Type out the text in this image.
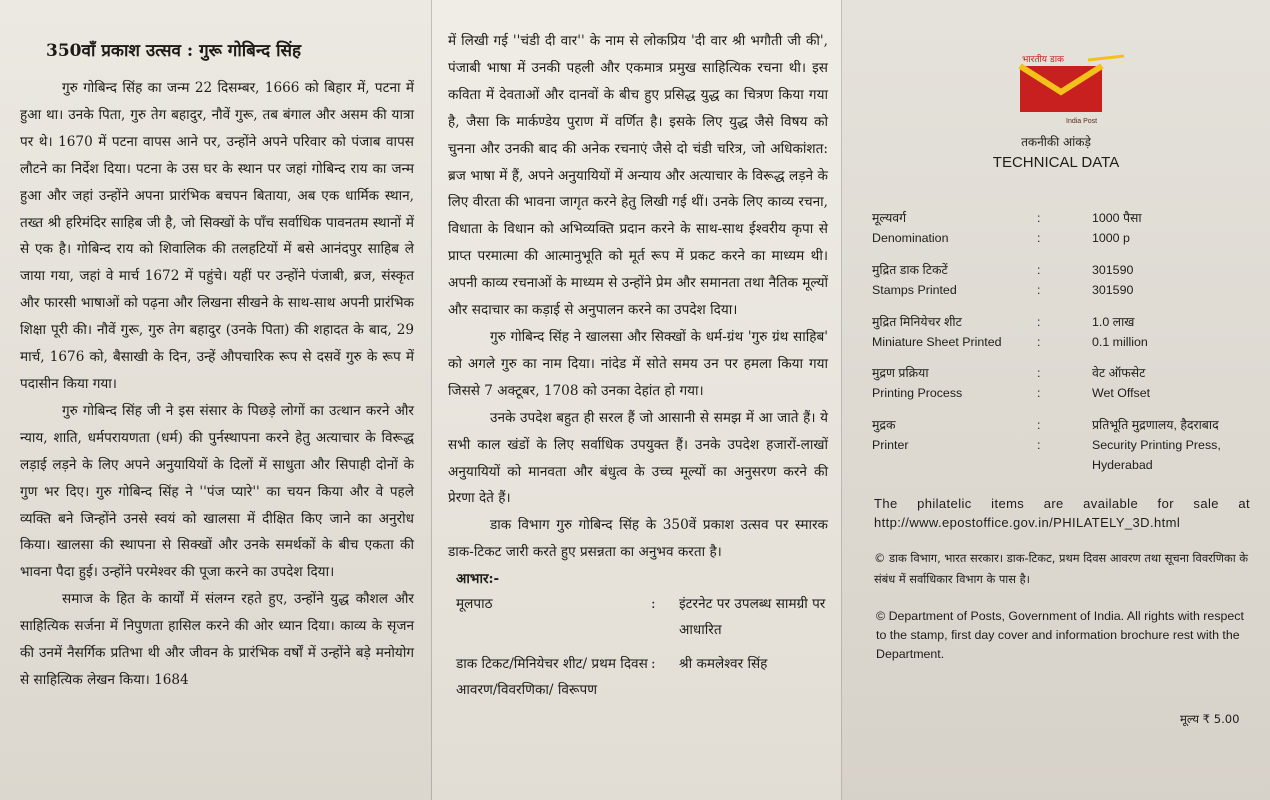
350वाँ प्रकाश उत्सव : गुरू गोबिन्द सिंह

गुरु गोबिन्द सिंह का जन्म 22 दिसम्बर, 1666 को बिहार में, पटना में हुआ था। उनके पिता, गुरु तेग बहादुर, नौवें गुरू, तब बंगाल और असम की यात्रा पर थे। 1670 में पटना वापस आने पर, उन्होंने अपने परिवार को पंजाब वापस लौटने का निर्देश दिया। पटना के उस घर के स्थान पर जहां गोबिन्द राय का जन्म हुआ और जहां उन्होंने अपना प्रारंभिक बचपन बिताया, अब एक धार्मिक स्थान, तख्त श्री हरिमंदिर साहिब जी है, जो सिक्खों के पाँच सर्वाधिक पावनतम स्थानों में से एक है। गोबिन्द राय को शिवालिक की तलहटियों में बसे आनंदपुर साहिब ले जाया गया, जहां वे मार्च 1672 में पहुंचे। यहीं पर उन्होंने पंजाबी, ब्रज, संस्कृत और फारसी भाषाओं को पढ़ना और लिखना सीखने के साथ-साथ अपनी प्रारंभिक शिक्षा पूरी की। नौवें गुरू, गुरु तेग बहादुर (उनके पिता) की शहादत के बाद, 29 मार्च, 1676 को, बैसाखी के दिन, उन्हें औपचारिक रूप से दसवें गुरु के रूप में पदासीन किया गया।

गुरु गोबिन्द सिंह जी ने इस संसार के पिछड़े लोगों का उत्थान करने और न्याय, शाति, धर्मपरायणता (धर्म) की पुर्नस्थापना करने हेतु अत्याचार के विरूद्ध लड़ाई लड़ने के लिए अपने अनुयायियों के दिलों में साधुता और सिपाही दोनों के गुण भर दिए। गुरु गोबिन्द सिंह ने ''पंज प्यारे'' का चयन किया और वे पहले व्यक्ति बने जिन्होंने उनसे स्वयं को खालसा में दीक्षित किए जाने का अनुरोध किया। खालसा की स्थापना से सिक्खों और उनके समर्थकों के बीच एकता की भावना पैदा हुई। उन्होंने परमेश्वर की पूजा करने का उपदेश दिया।

समाज के हित के कार्यों में संलग्न रहते हुए, उन्होंने युद्ध कौशल और साहित्यिक सर्जना में निपुणता हासिल करने की ओर ध्यान दिया। काव्य के सृजन की उनमें नैसर्गिक प्रतिभा थी और जीवन के प्रारंभिक वर्षों में उन्होंने बड़े मनोयोग से साहित्यिक लेखन किया। 1684

में लिखी गई ''चंडी दी वार'' के नाम से लोकप्रिय 'दी वार श्री भगौती जी की', पंजाबी भाषा में उनकी पहली और एकमात्र प्रमुख साहित्यिक रचना थी। इस कविता में देवताओं और दानवों के बीच हुए प्रसिद्ध युद्ध का चित्रण किया गया है, जैसा कि मार्कण्डेय पुराण में वर्णित है। इसके लिए युद्ध जैसे विषय को चुनना और उनकी बाद की अनेक रचनाएं जैसे दो चंडी चरित्र, जो अधिकांशत: ब्रज भाषा में हैं, अपने अनुयायियों में अन्याय और अत्याचार के विरूद्ध लड़ने के लिए वीरता की भावना जागृत करने हेतु लिखी गई थीं। उनके लिए काव्य रचना, विधाता के विधान को अभिव्यक्ति प्रदान करने के साथ-साथ ईश्वरीय कृपा से प्राप्त परमात्मा की आत्मानुभूति को मूर्त रूप में प्रकट करने का माध्यम थी। अपनी काव्य रचनाओं के माध्यम से उन्होंने प्रेम और समानता तथा नैतिक मूल्यों और सदाचार का कड़ाई से अनुपालन करने का उपदेश दिया।

गुरु गोबिन्द सिंह ने खालसा और सिक्खों के धर्म-ग्रंथ 'गुरु ग्रंथ साहिब' को अगले गुरु का नाम दिया। नांदेड में सोते समय उन पर हमला किया गया जिससे 7 अक्टूबर, 1708 को उनका देहांत हो गया।

उनके उपदेश बहुत ही सरल हैं जो आसानी से समझ में आ जाते हैं। ये सभी काल खंडों के लिए सर्वाधिक उपयुक्त हैं। उनके उपदेश हजारों-लाखों अनुयायियों को मानवता और बंधुत्व के उच्च मूल्यों का अनुसरण करने की प्रेरणा देते हैं।

डाक विभाग गुरु गोबिन्द सिंह के 350वें प्रकाश उत्सव पर स्मारक डाक-टिकट जारी करते हुए प्रसन्नता का अनुभव करता है।

आभार:-
मूलपाठ	:	इंटरनेट पर उपलब्ध सामग्री पर आधारित
डाक टिकट/मिनियेचर शीट/ प्रथम दिवस आवरण/विवरणिका/ विरूपण
:	श्री कमलेश्वर सिंह
भारतीय डाक
India Post
तकनीकी आंकड़े
TECHNICAL DATA
मूल्यवर्ग	:	1000 पैसा
Denomination	:	1000 p
मुद्रित डाक टिकटें	:	301590
Stamps Printed	:	301590
मुद्रित मिनियेचर शीट	:	1.0 लाख
Miniature Sheet Printed	:	0.1 million
मुद्रण प्रक्रिया	:	वेट ऑफसेट
Printing Process	:	Wet Offset
मुद्रक	:	प्रतिभूति मुद्रणालय, हैदराबाद
Printer	:	Security Printing Press, Hyderabad
The philatelic items are available for sale at http://www.epostoffice.gov.in/PHILATELY_3D.html
© डाक विभाग, भारत सरकार। डाक-टिकट, प्रथम दिवस आवरण तथा सूचना विवरणिका के संबंध में सर्वाधिकार विभाग के पास है।
© Department of Posts, Government of India. All rights with respect to the stamp, first day cover and information brochure rest with the Department.
मूल्य ₹ 5.00
